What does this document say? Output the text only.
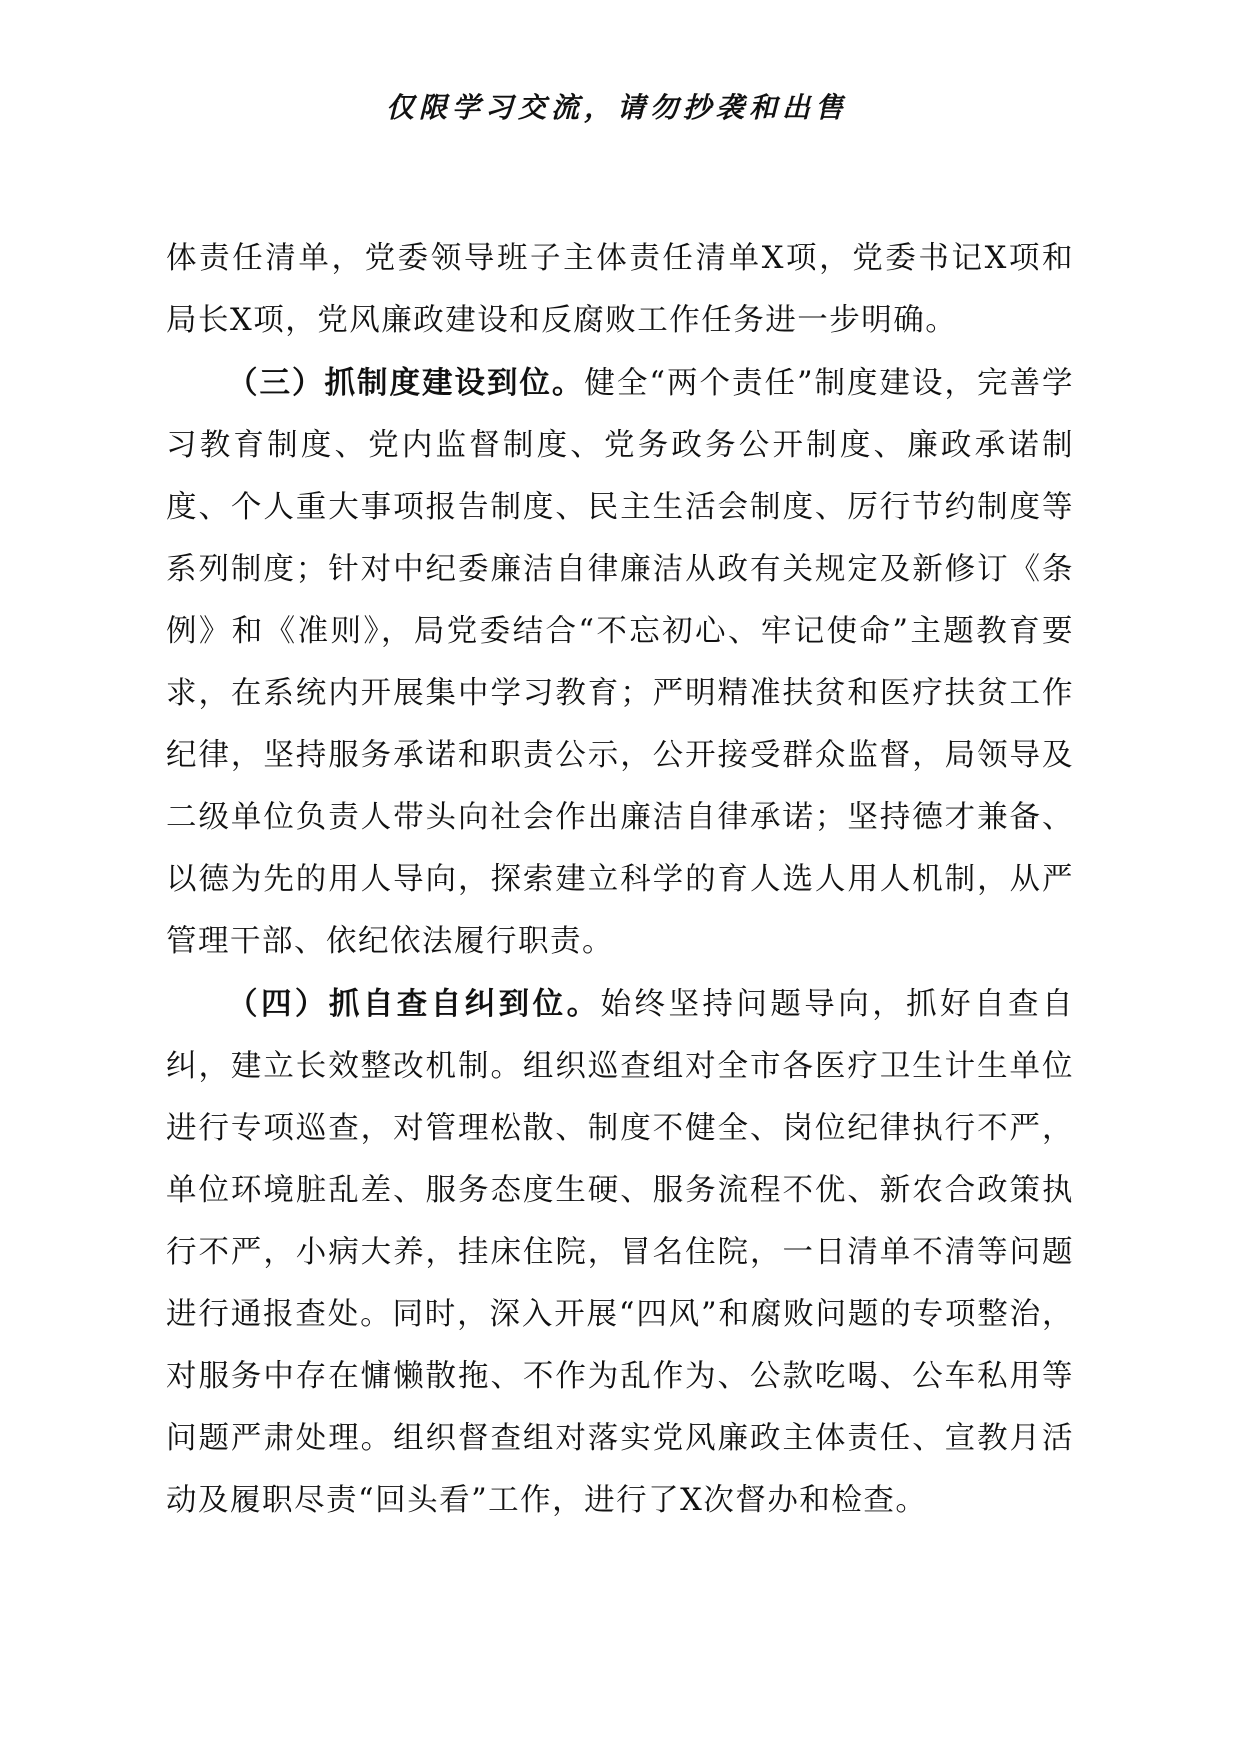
仅限学习交流，请勿抄袭和出售

体责任清单，党委领导班子主体责任清单X项，党委书记X项和局长X项，党风廉政建设和反腐败工作任务进一步明确。

（三）抓制度建设到位。健全“两个责任”制度建设，完善学习教育制度、党内监督制度、党务政务公开制度、廉政承诺制度、个人重大事项报告制度、民主生活会制度、厉行节约制度等系列制度；针对中纪委廉洁自律廉洁从政有关规定及新修订《条例》和《准则》，局党委结合“不忘初心、牢记使命”主题教育要求，在系统内开展集中学习教育；严明精准扶贫和医疗扶贫工作纪律，坚持服务承诺和职责公示，公开接受群众监督，局领导及二级单位负责人带头向社会作出廉洁自律承诺；坚持德才兼备、以德为先的用人导向，探索建立科学的育人选人用人机制，从严管理干部、依纪依法履行职责。

（四）抓自查自纠到位。始终坚持问题导向，抓好自查自纠，建立长效整改机制。组织巡查组对全市各医疗卫生计生单位进行专项巡查，对管理松散、制度不健全、岗位纪律执行不严，单位环境脏乱差、服务态度生硬、服务流程不优、新农合政策执行不严，小病大养，挂床住院，冒名住院，一日清单不清等问题进行通报查处。同时，深入开展“四风”和腐败问题的专项整治，对服务中存在慵懒散拖、不作为乱作为、公款吃喝、公车私用等问题严肃处理。组织督查组对落实党风廉政主体责任、宣教月活动及履职尽责“回头看”工作，进行了X次督办和检查。
